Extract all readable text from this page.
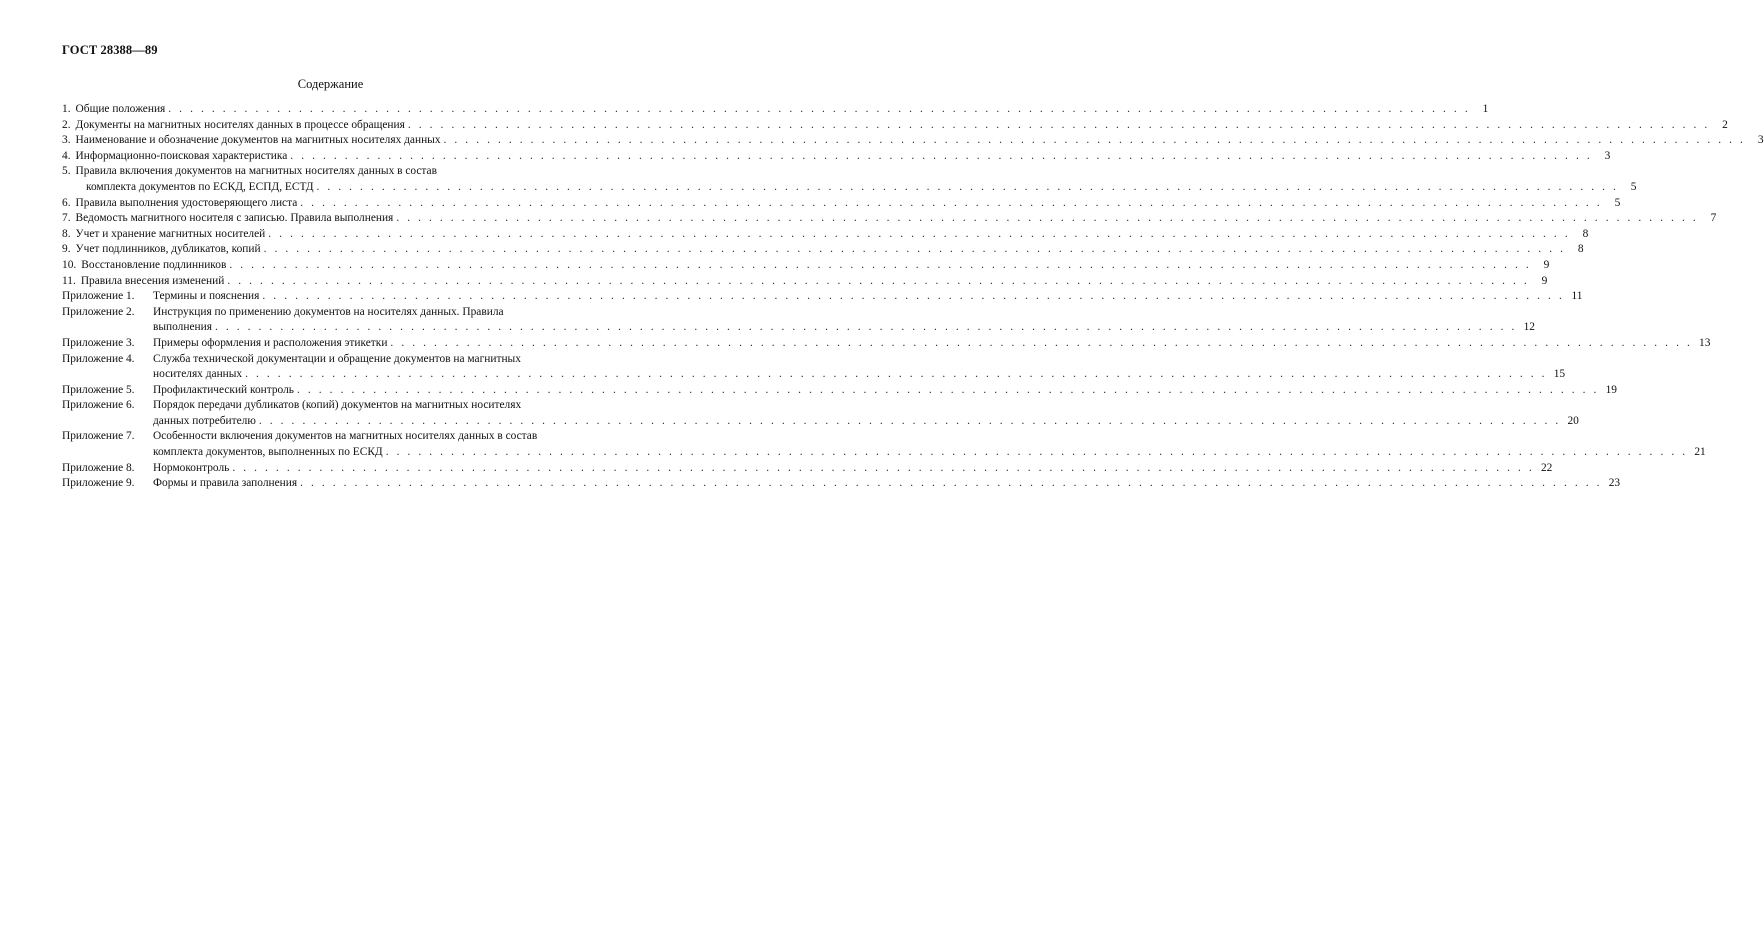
ГОСТ 28388—89
Содержание
1. Общие положения . . . . . . . . . . . . . . . . . . . . . . . . . . . . . . . . . . . . . . . . . . . . . . . . . . . . . . . . . . . . . . . . . . . . . . . . . . . . . . . . . . . . . . . . . . . . . . . . . . . . . . . . . . . . . . . . . . . . . . . .	1
2. Документы на магнитных носителях данных в процессе обращения . . . . . . . . . . . . . . . . . . . . . . . . . . . . . . . . . . . . . . . . . . . . . . . . . . . . . . . . . . . . . . . . . . . . . . . . . . . . . . . . . . . . . . . . . . . . . . . . . . . . . . . . . . . . . . . . . . . . . . . .	2
3. Наименование и обозначение документов на магнитных носителях данных . . . . . . . . . . . . . . . . . . . . . . . . . . . . . . . . . . . . . . . . . . . . . . . . . . . . . . . . . . . . . . . . . . . . . . . . . . . . . . . . . . . . . . . . . . . . . . . . . . . . . . . . . . . . . . . . . . . . . . . .	3
4. Информационно-поисковая характеристика . . . . . . . . . . . . . . . . . . . . . . . . . . . . . . . . . . . . . . . . . . . . . . . . . . . . . . . . . . . . . . . . . . . . . . . . . . . . . . . . . . . . . . . . . . . . . . . . . . . . . . . . . . . . . . . . . . . . . . . .	3
5. Правила включения документов на магнитных носителях данных в состав
комплекта документов по ЕСКД, ЕСПД, ЕСТД . . . . . . . . . . . . . . . . . . . . . . . . . . . . . . . . . . . . . . . . . . . . . . . . . . . . . . . . . . . . . . . . . . . . . . . . . . . . . . . . . . . . . . . . . . . . . . . . . . . . . . . . . . . . . . . . . . . . . . . .	5
6. Правила выполнения удостоверяющего листа . . . . . . . . . . . . . . . . . . . . . . . . . . . . . . . . . . . . . . . . . . . . . . . . . . . . . . . . . . . . . . . . . . . . . . . . . . . . . . . . . . . . . . . . . . . . . . . . . . . . . . . . . . . . . . . . . . . . . . . .	5
7. Ведомость магнитного носителя с записью. Правила выполнения . . . . . . . . . . . . . . . . . . . . . . . . . . . . . . . . . . . . . . . . . . . . . . . . . . . . . . . . . . . . . . . . . . . . . . . . . . . . . . . . . . . . . . . . . . . . . . . . . . . . . . . . . . . . . . . . . . . . . . . .	7
8. Учет и хранение магнитных носителей . . . . . . . . . . . . . . . . . . . . . . . . . . . . . . . . . . . . . . . . . . . . . . . . . . . . . . . . . . . . . . . . . . . . . . . . . . . . . . . . . . . . . . . . . . . . . . . . . . . . . . . . . . . . . . . . . . . . . . . .	8
9. Учет подлинников, дубликатов, копий . . . . . . . . . . . . . . . . . . . . . . . . . . . . . . . . . . . . . . . . . . . . . . . . . . . . . . . . . . . . . . . . . . . . . . . . . . . . . . . . . . . . . . . . . . . . . . . . . . . . . . . . . . . . . . . . . . . . . . . .	8
10. Восстановление подлинников . . . . . . . . . . . . . . . . . . . . . . . . . . . . . . . . . . . . . . . . . . . . . . . . . . . . . . . . . . . . . . . . . . . . . . . . . . . . . . . . . . . . . . . . . . . . . . . . . . . . . . . . . . . . . . . . . . . . . . . .	9
11. Правила внесения изменений . . . . . . . . . . . . . . . . . . . . . . . . . . . . . . . . . . . . . . . . . . . . . . . . . . . . . . . . . . . . . . . . . . . . . . . . . . . . . . . . . . . . . . . . . . . . . . . . . . . . . . . . . . . . . . . . . . . . . . . .	9
Приложение 1.	Термины и пояснения . . . . . . . . . . . . . . . . . . . . . . . . . . . . . . . . . . . . . . . . . . . . . . . . . . . . . . . . . . . . . . . . . . . . . . . . . . . . . . . . . . . . . . . . . . . . . . . . . . . . . . . . . . . . . . . . . . . . . . . . 11
Приложение 2.	Инструкция по применению документов на носителях данных. Правила
выполнения . . . . . . . . . . . . . . . . . . . . . . . . . . . . . . . . . . . . . . . . . . . . . . . . . . . . . . . . . . . . . . . . . . . . . . . . . . . . . . . . . . . . . . . . . . . . . . . . . . . . . . . . . . . . . . . . . . . . . . . . 12
Приложение 3.	Примеры оформления и расположения этикетки . . . . . . . . . . . . . . . . . . . . . . . . . . . . . . . . . . . . . . . . . . . . . . . . . . . . . . . . . . . . . . . . . . . . . . . . . . . . . . . . . . . . . . . . . . . . . . . . . . . . . . . . . . . . . . . . . . . . . . . . 13
Приложение 4.	Служба технической документации и обращение документов на магнитных
носителях данных . . . . . . . . . . . . . . . . . . . . . . . . . . . . . . . . . . . . . . . . . . . . . . . . . . . . . . . . . . . . . . . . . . . . . . . . . . . . . . . . . . . . . . . . . . . . . . . . . . . . . . . . . . . . . . . . . . . . . . . . 15
Приложение 5.	Профилактический контроль . . . . . . . . . . . . . . . . . . . . . . . . . . . . . . . . . . . . . . . . . . . . . . . . . . . . . . . . . . . . . . . . . . . . . . . . . . . . . . . . . . . . . . . . . . . . . . . . . . . . . . . . . . . . . . . . . . . . . . . . 19
Приложение 6.	Порядок передачи дубликатов (копий) документов на магнитных носителях
данных потребителю . . . . . . . . . . . . . . . . . . . . . . . . . . . . . . . . . . . . . . . . . . . . . . . . . . . . . . . . . . . . . . . . . . . . . . . . . . . . . . . . . . . . . . . . . . . . . . . . . . . . . . . . . . . . . . . . . . . . . . . . 20
Приложение 7.	Особенности включения документов на магнитных носителях данных в состав
комплекта документов, выполненных по ЕСКД . . . . . . . . . . . . . . . . . . . . . . . . . . . . . . . . . . . . . . . . . . . . . . . . . . . . . . . . . . . . . . . . . . . . . . . . . . . . . . . . . . . . . . . . . . . . . . . . . . . . . . . . . . . . . . . . . . . . . . . . 21
Приложение 8.	Нормоконтроль . . . . . . . . . . . . . . . . . . . . . . . . . . . . . . . . . . . . . . . . . . . . . . . . . . . . . . . . . . . . . . . . . . . . . . . . . . . . . . . . . . . . . . . . . . . . . . . . . . . . . . . . . . . . . . . . . . . . . . . . 22
Приложение 9.	Формы и правила заполнения . . . . . . . . . . . . . . . . . . . . . . . . . . . . . . . . . . . . . . . . . . . . . . . . . . . . . . . . . . . . . . . . . . . . . . . . . . . . . . . . . . . . . . . . . . . . . . . . . . . . . . . . . . . . . . . . . . . . . . . . 23
